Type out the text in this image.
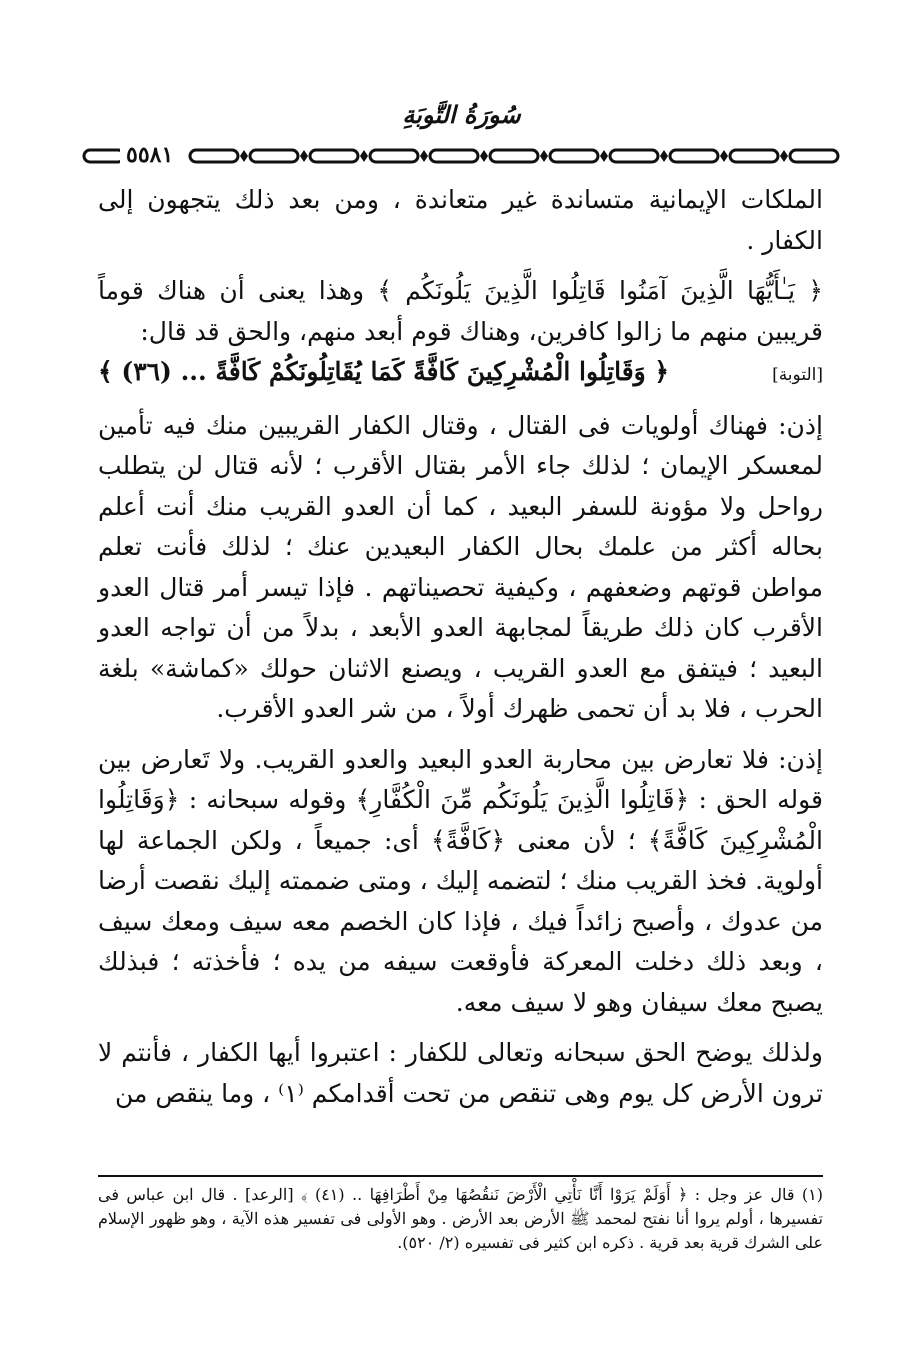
سُورَةُ التَّوبَةِ
٥٥٨١

الملكات الإيمانية متساندة غير متعاندة ، ومن بعد ذلك يتجهون إلى الكفار .

﴿ يَـٰأَيُّهَا الَّذِينَ آمَنُوا قَاتِلُوا الَّذِينَ يَلُونَكُم ﴾ وهذا يعنى أن هناك قوماً قريبين منهم ما زالوا كافرين، وهناك قوم أبعد منهم، والحق قد قال:

﴿ وَقَاتِلُوا الْمُشْرِكِينَ كَافَّةً كَمَا يُقَاتِلُونَكُمْ كَافَّةً ... (٣٦) ﴾	[التوبة]

إذن: فهناك أولويات فى القتال ، وقتال الكفار القريبين منك فيه تأمين لمعسكر الإيمان ؛ لذلك جاء الأمر بقتال الأقرب ؛ لأنه قتال لن يتطلب رواحل ولا مؤونة للسفر البعيد ، كما أن العدو القريب منك أنت أعلم بحاله أكثر من علمك بحال الكفار البعيدين عنك ؛ لذلك فأنت تعلم مواطن قوتهم وضعفهم ، وكيفية تحصيناتهم . فإذا تيسر أمر قتال العدو الأقرب كان ذلك طريقاً لمجابهة العدو الأبعد ، بدلاً من أن تواجه العدو البعيد ؛ فيتفق مع العدو القريب ، ويصنع الاثنان حولك «كماشة» بلغة الحرب ، فلا بد أن تحمى ظهرك أولاً ، من شر العدو الأقرب.

إذن: فلا تعارض بين محاربة العدو البعيد والعدو القريب. ولا تَعارض بين قوله الحق : ﴿قَاتِلُوا الَّذِينَ يَلُونَكُم مِّنَ الْكُفَّارِ﴾ وقوله سبحانه : ﴿وَقَاتِلُوا الْمُشْرِكِينَ كَافَّةً﴾ ؛ لأن معنى ﴿كَافَّةً﴾ أى: جميعاً ، ولكن الجماعة لها أولوية. فخذ القريب منك ؛ لتضمه إليك ، ومتى ضممته إليك نقصت أرضا من عدوك ، وأصبح زائداً فيك ، فإذا كان الخصم معه سيف ومعك سيف ، وبعد ذلك دخلت المعركة فأوقعت سيفه من يده ؛ فأخذته ؛ فبذلك يصبح معك سيفان وهو لا سيف معه.

ولذلك يوضح الحق سبحانه وتعالى للكفار : اعتبروا أيها الكفار ، فأنتم لا ترون الأرض كل يوم وهى تنقص من تحت أقدامكم ⁽١⁾ ، وما ينقص من

(١) قال عز وجل : ﴿ أَوَلَمْ يَرَوْا أَنَّا نَأْتِي الْأَرْضَ نَنقُصُهَا مِنْ أَطْرَافِهَا .. (٤١) ﴾ [الرعد] . قال ابن عباس فى تفسيرها ، أولم يروا أنا نفتح لمحمد ﷺ الأرض بعد الأرض . وهو الأولى فى تفسير هذه الآية ، وهو ظهور الإسلام على الشرك قرية بعد قرية . ذكره ابن كثير فى تفسيره (٢/ ٥٢٠).
